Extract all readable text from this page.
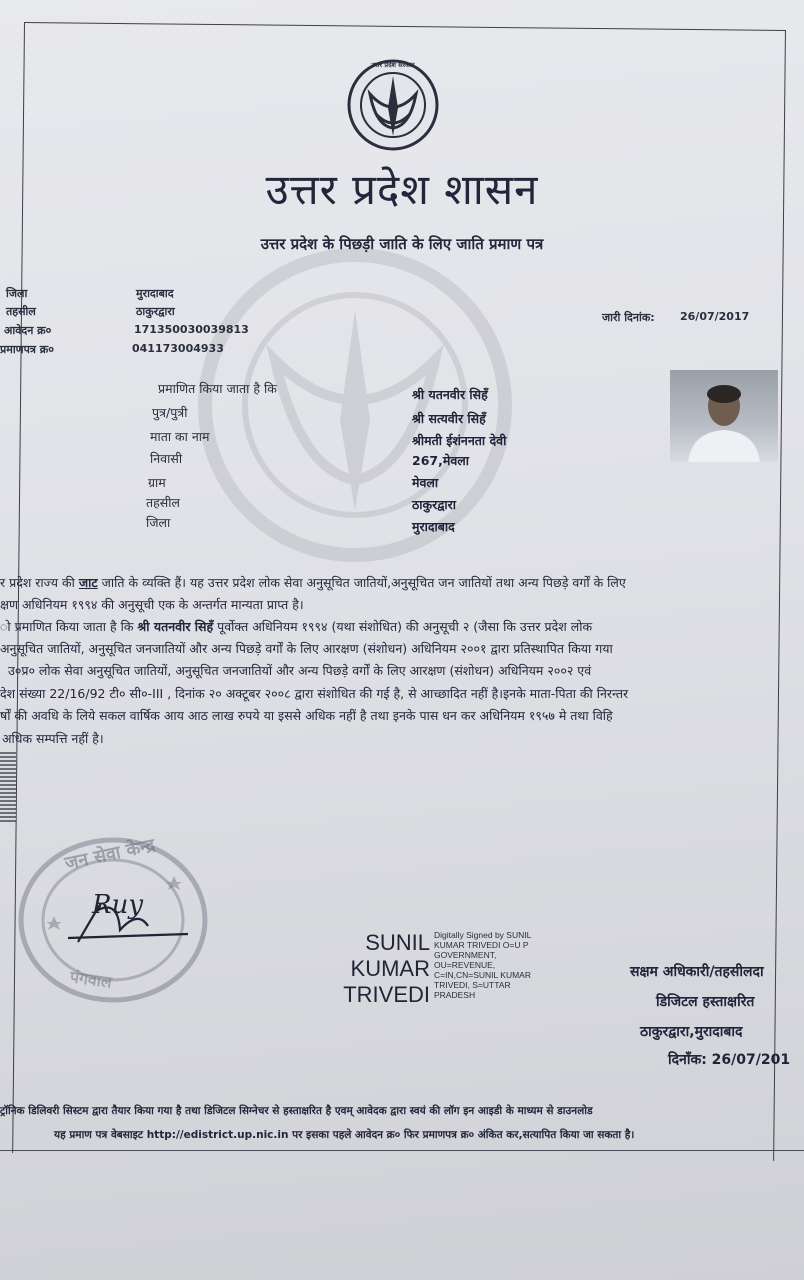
उत्तर प्रदेश सरकार
उत्तर प्रदेश शासन
उत्तर प्रदेश के पिछड़ी जाति के लिए जाति प्रमाण पत्र
जिला	मुरादाबाद
तहसील	ठाकुरद्वारा
आवेदन क्र०	171350030039813
प्रमाणपत्र क्र०	041173004933
जारी दिनांक: 26/07/2017
प्रमाणित किया जाता है कि	श्री यतनवीर सिहँ
पुत्र/पुत्री	श्री सत्यवीर सिहँ
माता का नाम	श्रीमती ईशंननता देवी
निवासी	267,मेवला
ग्राम	मेवला
तहसील	ठाकुरद्वारा
जिला	मुरादाबाद
र प्रदेश राज्य की जाट जाति के व्यक्ति हैं। यह उत्तर प्रदेश लोक सेवा अनुसूचित जातियों,अनुसूचित जन जातियों तथा अन्य पिछड़े वर्गों के लिए
क्षण अधिनियम १९९४ की अनुसूची एक के अन्तर्गत मान्यता प्राप्त है।
ो प्रमाणित किया जाता है कि श्री यतनवीर सिहँ पूर्वोक्त अधिनियम १९९४ (यथा संशोधित) की अनुसूची २ (जैसा कि उत्तर प्रदेश लोक
अनुसूचित जातियों, अनुसूचित जनजातियों और अन्य पिछड़े वर्गों के लिए आरक्षण (संशोधन) अधिनियम २००१ द्वारा प्रतिस्थापित किया गया
उ०प्र० लोक सेवा अनुसूचित जातियों, अनुसूचित जनजातियों और अन्य पिछड़े वर्गों के लिए आरक्षण (संशोधन) अधिनियम २००२ एवं
देश संख्या 22/16/92 टी० सी०-III , दिनांक २० अक्टूबर २००८ द्वारा संशोधित की गई है, से आच्छादित नहीं है।इनके माता-पिता की निरन्तर
र्षों की अवधि के लिये सकल वार्षिक आय आठ लाख रुपये या इससे अधिक नहीं है तथा इनके पास धन कर अधिनियम १९५७ मे तथा विहि
अधिक सम्पत्ति नहीं है।
जन सेवा केन्द्र
पंगवाल
Ruy
SUNIL
KUMAR
TRIVEDI
Digitally Signed by SUNIL
KUMAR TRIVEDI O=U P
GOVERNMENT,
OU=REVENUE,
C=IN,CN=SUNIL KUMAR
TRIVEDI, S=UTTAR
PRADESH
सक्षम अधिकारी/तहसीलदा
डिजिटल हस्ताक्षरित
ठाकुरद्वारा,मुरादाबाद
दिनाँक: 26/07/201
ट्रॉनिक डिलिवरी सिस्टम द्वारा तैयार किया गया है तथा डिजिटल सिग्नेचर से हस्ताक्षरित है एवम् आवेदक द्वारा स्वयं की लॉग इन आइडी के माध्यम से डाउनलोड
यह प्रमाण पत्र वेबसाइट http://edistrict.up.nic.in पर इसका पहले आवेदन क्र० फिर प्रमाणपत्र क्र० अंकित कर,सत्यापित किया जा सकता है।
